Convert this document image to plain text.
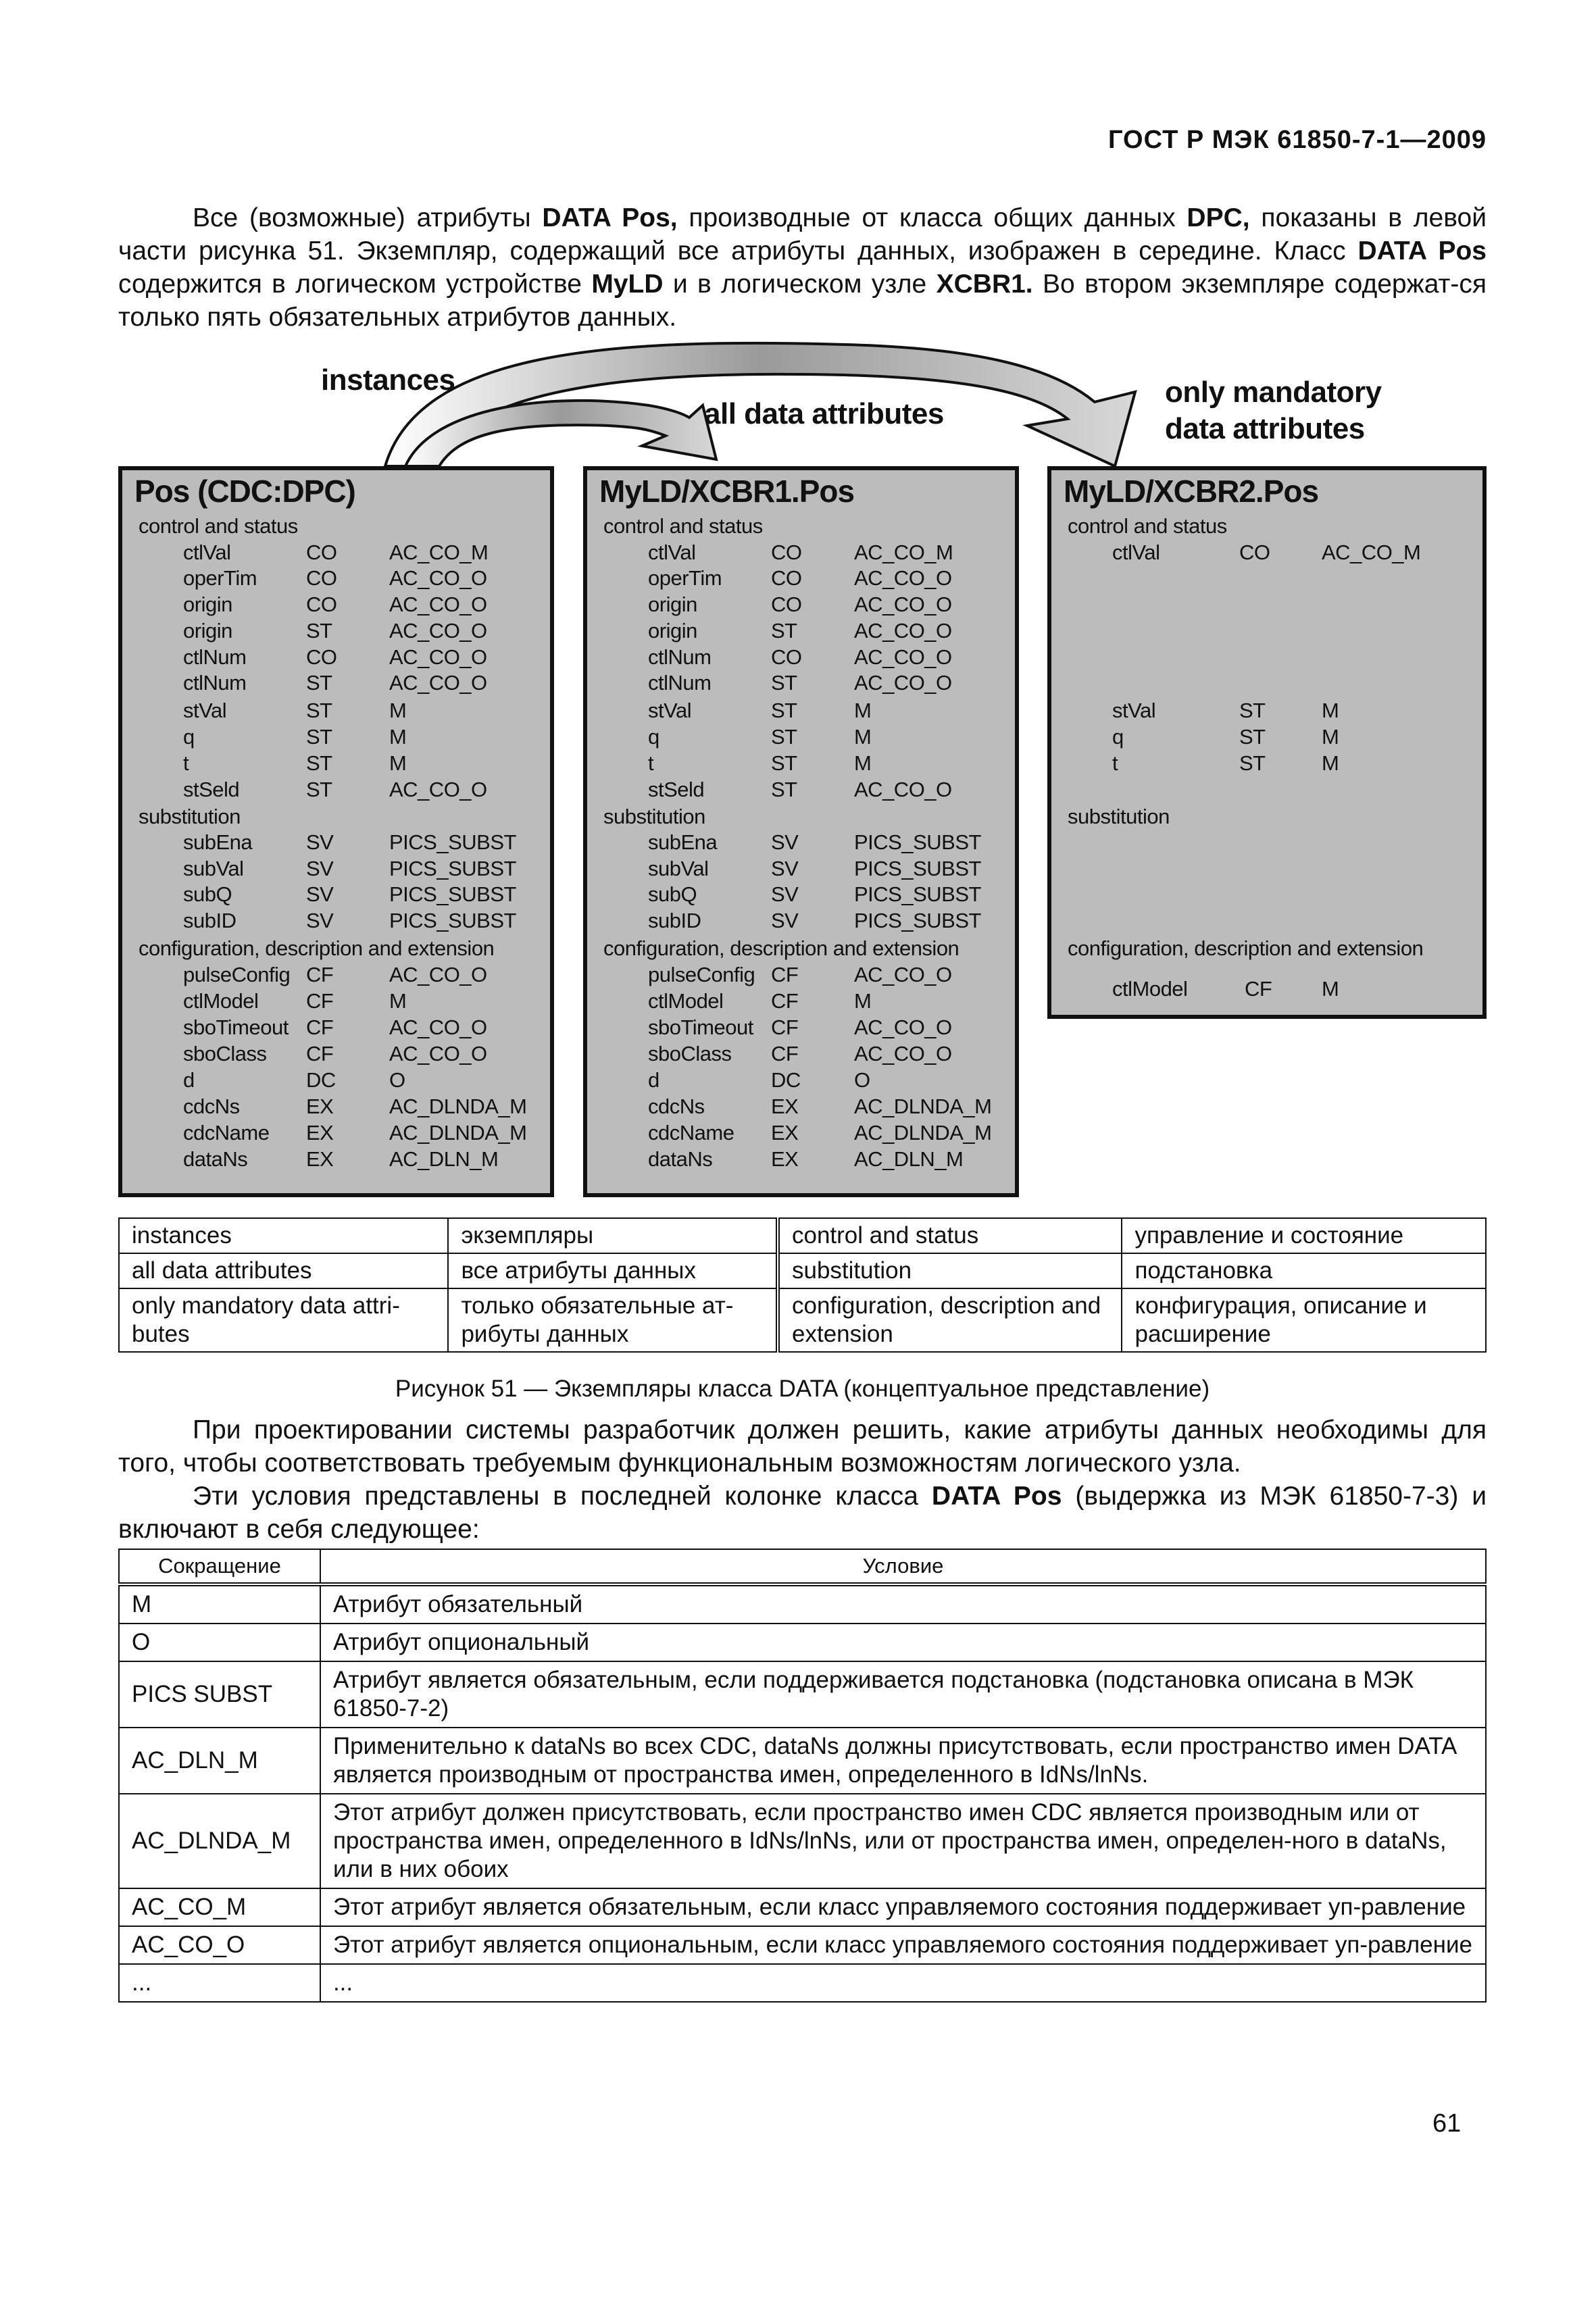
ГОСТ Р МЭК 61850-7-1—2009
Все (возможные) атрибуты DATA Pos, производные от класса общих данных DPC, показаны в левой части рисунка 51. Экземпляр, содержащий все атрибуты данных, изображен в середине. Класс DATA Pos содержится в логическом устройстве MyLD и в логическом узле XCBR1. Во втором экземпляре содержат-ся только пять обязательных атрибутов данных.
instances
all data attributes
only mandatory
data attributes
Pos (CDC:DPC)
control and status
substitution
configuration, description and extension
ctlVal	CO	AC_CO_M
operTim CO	AC_CO_O
origin	CO	AC_CO_O
origin	ST	AC_CO_O
ctlNum	CO	AC_CO_O
ctlNum	ST	AC_CO_O
stVal	ST	M
q	ST	M
t	ST	M
stSeld	ST	AC_CO_O
subEna	SV	PICS_SUBST
subVal	SV	PICS_SUBST
subQ	SV	PICS_SUBST
subID	SV	PICS_SUBST
pulseConfig CF	AC_CO_O
ctlModel CF	M
sboTimeout CF	AC_CO_O
sboClass CF	AC_CO_O
d	DC	O
cdcNs	EX	AC_DLNDA_M
cdcName EX	AC_DLNDA_M
dataNs	EX	AC_DLN_M
MyLD/XCBR1.Pos
control and status
substitution
configuration, description and extension
ctlVal	CO	AC_CO_M
operTim CO	AC_CO_O
origin	CO	AC_CO_O
origin	ST	AC_CO_O
ctlNum	CO	AC_CO_O
ctlNum	ST	AC_CO_O
stVal	ST	M
q	ST	M
t	ST	M
stSeld	ST	AC_CO_O
subEna	SV	PICS_SUBST
subVal	SV	PICS_SUBST
subQ	SV	PICS_SUBST
subID	SV	PICS_SUBST
pulseConfig CF	AC_CO_O
ctlModel CF	M
sboTimeout CF	AC_CO_O
sboClass CF	AC_CO_O
d	DC	O
cdcNs	EX	AC_DLNDA_M
cdcName EX	AC_DLNDA_M
dataNs	EX	AC_DLN_M
MyLD/XCBR2.Pos
control and status
ctlVal	CO AC_CO_M
stVal	ST	M
q	ST	M
t	ST	M
substitution
configuration, description and extension
ctlModel	CF M
instances	экземпляры	control and status	управление и состояние
all data attributes	все атрибуты данных	substitution	подстановка
only mandatory data attri-butes	только обязательные ат-рибуты данных	configuration, description and extension	конфигурация, описание и расширение
Рисунок 51 — Экземпляры класса DATA (концептуальное представление)
При проектировании системы разработчик должен решить, какие атрибуты данных необходимы для того, чтобы соответствовать требуемым функциональным возможностям логического узла.
Эти условия представлены в последней колонке класса DATA Pos (выдержка из МЭК 61850-7-3) и включают в себя следующее:
Сокращение	Условие
M	Атрибут обязательный
O	Атрибут опциональный
PICS SUBST	Атрибут является обязательным, если поддерживается подстановка (подстановка описана в МЭК 61850-7-2)
AC_DLN_M	Применительно к dataNs во всех CDC, dataNs должны присутствовать, если пространство имен DATA является производным от пространства имен, определенного в IdNs/lnNs.
AC_DLNDA_M	Этот атрибут должен присутствовать, если пространство имен CDC является производным или от пространства имен, определенного в IdNs/lnNs, или от пространства имен, определен-ного в dataNs, или в них обоих
AC_CO_M	Этот атрибут является обязательным, если класс управляемого состояния поддерживает уп-равление
AC_CO_O	Этот атрибут является опциональным, если класс управляемого состояния поддерживает уп-равление
...	...
61
